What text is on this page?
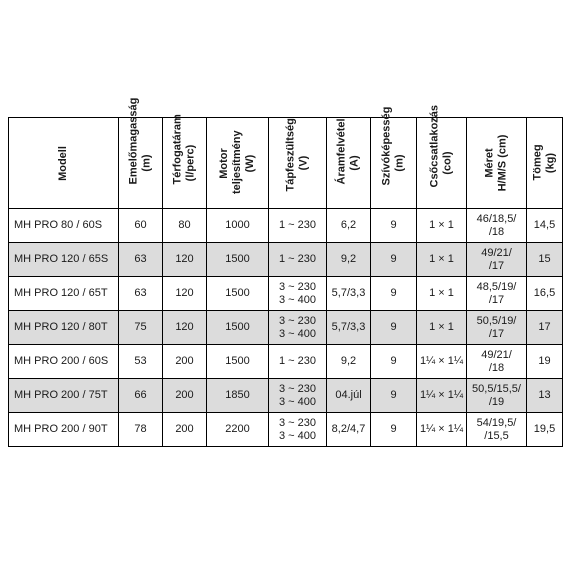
Modell	Emelőmagasság (m)	Térfogatáram (l/perc)	Motor teljesítmény (W)	Tápfeszültség (V)	Áramfelvétel (A)	Szívóképesség (m)	Csőcsatlakozás (col)	Méret H/M/S (cm)	Tömeg (kg)

MH PRO 80 / 60S	60	80	1000	1 ~ 230	6,2	9	1 × 1	46/18,5/
/18	14,5

MH PRO 120 / 65S	63	120	1500	1 ~ 230	9,2	9	1 × 1	49/21/
/17	15

MH PRO 120 / 65T	63	120	1500	3 ~ 230
3 ~ 400	5,7/3,3	9	1 × 1	48,5/19/
/17	16,5

MH PRO 120 / 80T	75	120	1500	3 ~ 230
3 ~ 400	5,7/3,3	9	1 × 1	50,5/19/
/17	17

MH PRO 200 / 60S	53	200	1500	1 ~ 230	9,2	9	1¼ × 1¼	49/21/
/18	19

MH PRO 200 / 75T	66	200	1850	3 ~ 230
3 ~ 400	04.júl	9	1¼ × 1¼	50,5/15,5/
/19	13

MH PRO 200 / 90T	78	200	2200	3 ~ 230
3 ~ 400	8,2/4,7	9	1¼ × 1¼	54/19,5/
/15,5	19,5
